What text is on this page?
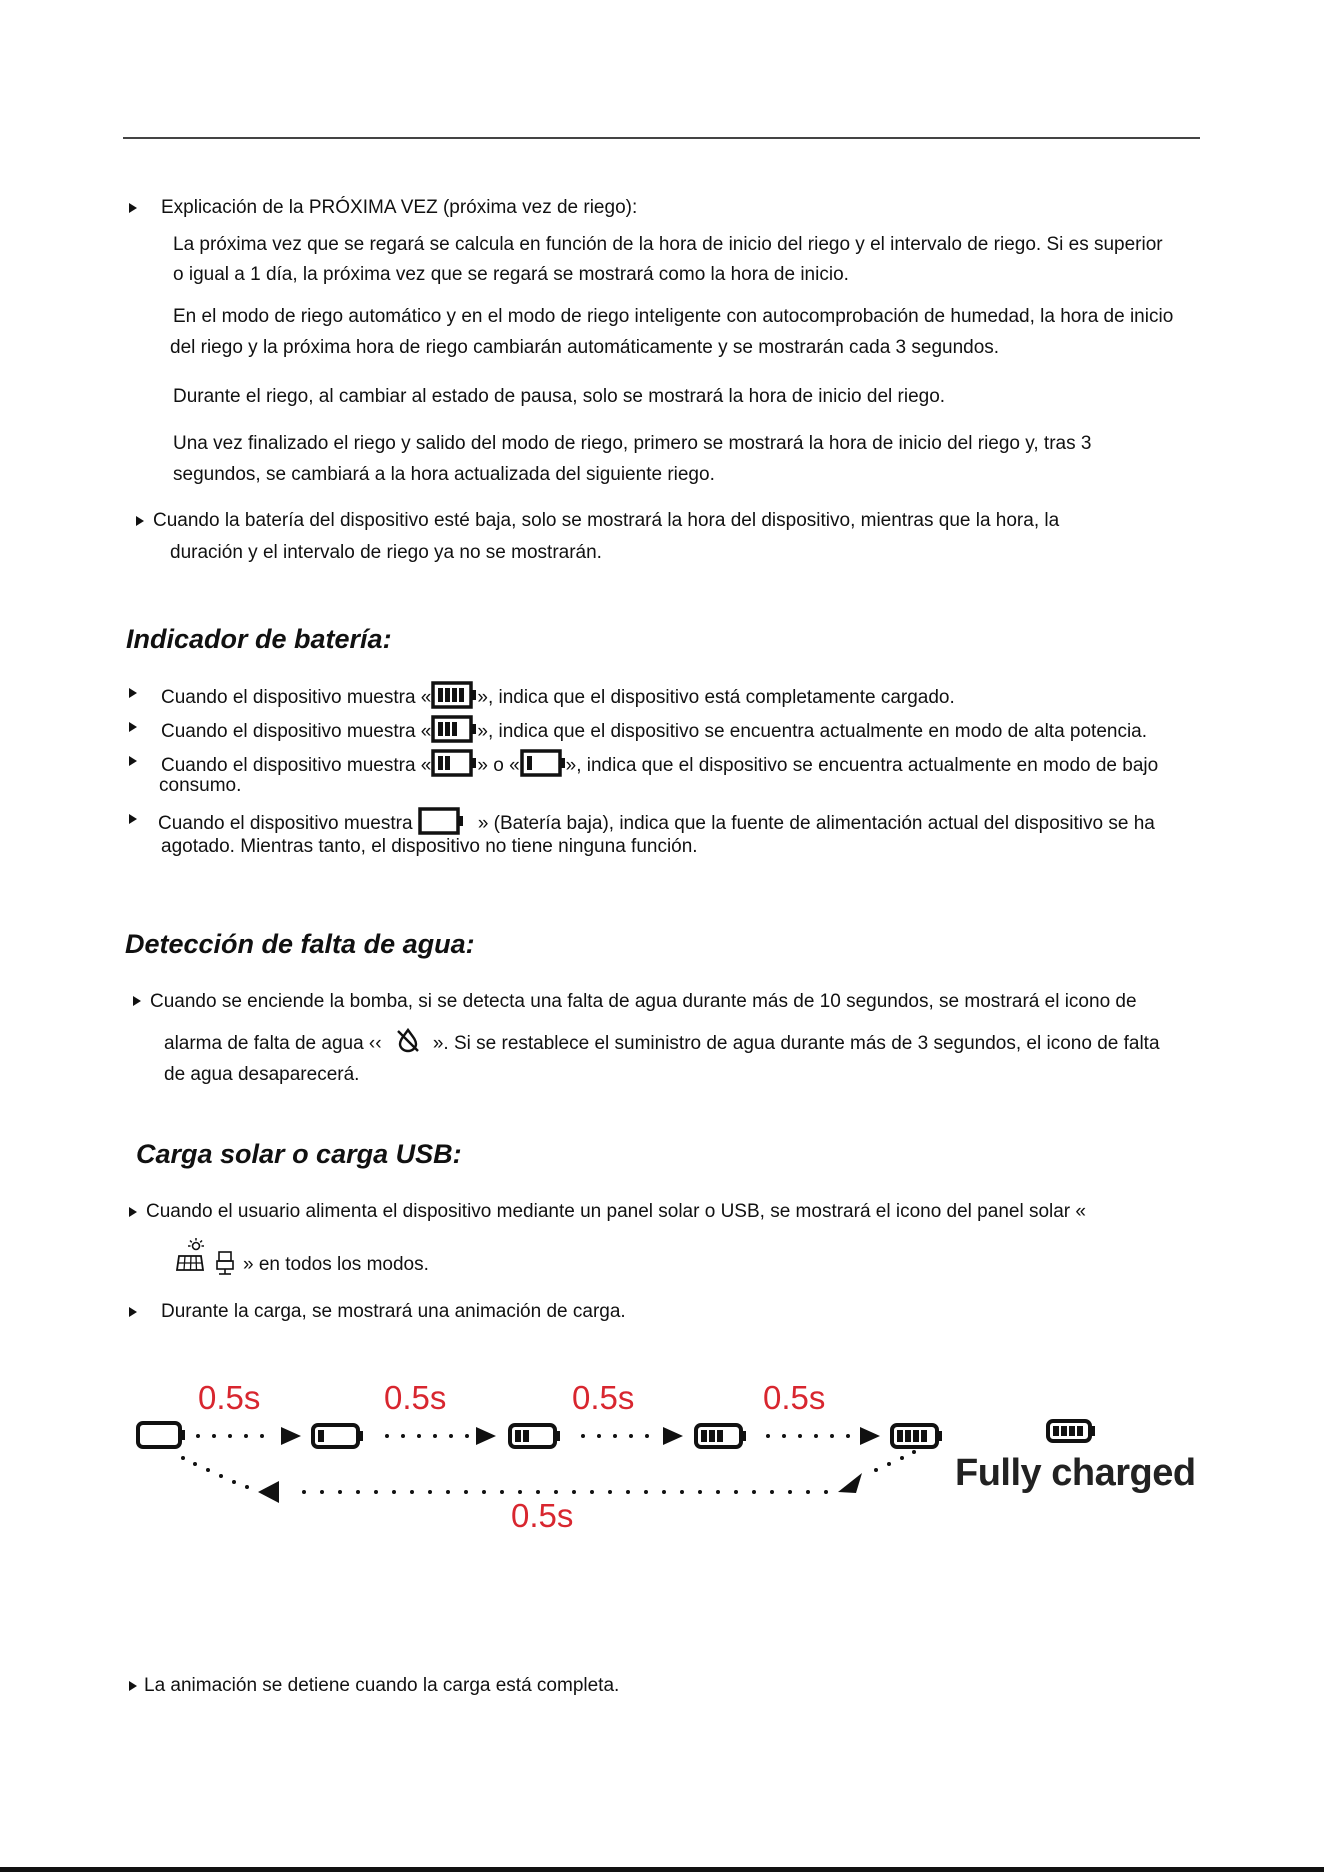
Explicación de la PRÓXIMA VEZ (próxima vez de riego):
La próxima vez que se regará se calcula en función de la hora de inicio del riego y el intervalo de riego. Si es superior
o igual a 1 día, la próxima vez que se regará se mostrará como la hora de inicio.
En el modo de riego automático y en el modo de riego inteligente con autocomprobación de humedad, la hora de inicio
del riego y la próxima hora de riego cambiarán automáticamente y se mostrarán cada 3 segundos.
Durante el riego, al cambiar al estado de pausa, solo se mostrará la hora de inicio del riego.
Una vez finalizado el riego y salido del modo de riego, primero se mostrará la hora de inicio del riego y, tras 3
segundos, se cambiará a la hora actualizada del siguiente riego.
Cuando la batería del dispositivo esté baja, solo se mostrará la hora del dispositivo, mientras que la hora, la
duración y el intervalo de riego ya no se mostrarán.
Indicador de batería:
Cuando el dispositivo muestra « », indica que el dispositivo está completamente cargado.
Cuando el dispositivo muestra « », indica que el dispositivo se encuentra actualmente en modo de alta potencia.
Cuando el dispositivo muestra « » o « », indica que el dispositivo se encuentra actualmente en modo de bajo
consumo.
Cuando el dispositivo muestra	» (Batería baja), indica que la fuente de alimentación actual del dispositivo se ha
agotado. Mientras tanto, el dispositivo no tiene ninguna función.
Detección de falta de agua:
Cuando se enciende la bomba, si se detecta una falta de agua durante más de 10 segundos, se mostrará el icono de
alarma de falta de agua ‹‹	». Si se restablece el suministro de agua durante más de 3 segundos, el icono de falta
de agua desaparecerá.
Carga solar o carga USB:
Cuando el usuario alimenta el dispositivo mediante un panel solar o USB, se mostrará el icono del panel solar «
» en todos los modos.
Durante la carga, se mostrará una animación de carga.
0.5s	0.5s	0.5s	0.5s
0.5s
Fully charged
La animación se detiene cuando la carga está completa.
